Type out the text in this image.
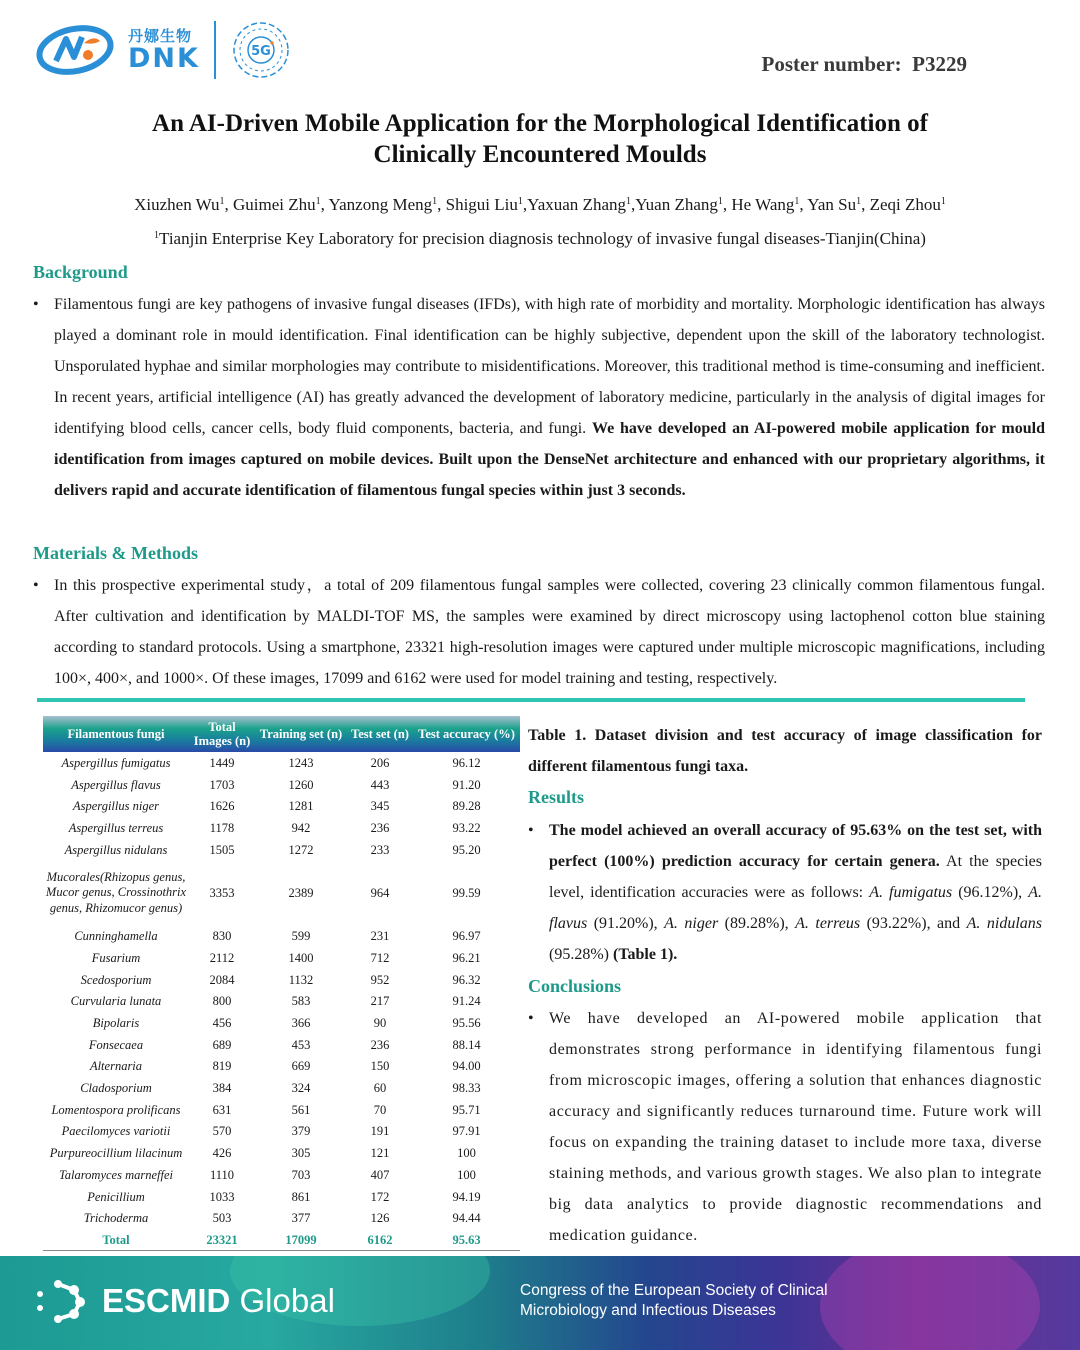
丹娜生物
DNK	5G
Poster number: P3229
An AI-Driven Mobile Application for the Morphological Identification of
Clinically Encountered Moulds
Xiuzhen Wu$^1$, Guimei Zhu$^1$, Yanzong Meng$^1$, Shigui Liu$^1$,Yaxuan Zhang$^1$,Yuan Zhang$^1$, He Wang$^1$, Yan Su$^1$, Zeqi Zhou$^1$
$^1$Tianjin Enterprise Key Laboratory for precision diagnosis technology of invasive fungal diseases-Tianjin(China)
Background
• Filamentous fungi are key pathogens of invasive fungal diseases (IFDs), with high rate of morbidity and mortality. Morphologic identification has always played a dominant role in mould identification. Final identification can be highly subjective, dependent upon the skill of the laboratory technologist. Unsporulated hyphae and similar morphologies may contribute to misidentifications. Moreover, this traditional method is time-consuming and inefficient. In recent years, artificial intelligence (AI) has greatly advanced the development of laboratory medicine, particularly in the analysis of digital images for identifying blood cells, cancer cells, body fluid components, bacteria, and fungi. We have developed an AI-powered mobile application for mould identification from images captured on mobile devices. Built upon the DenseNet architecture and enhanced with our proprietary algorithms, it delivers rapid and accurate identification of filamentous fungal species within just 3 seconds.
Materials & Methods
• In this prospective experimental study，a total of 209 filamentous fungal samples were collected, covering 23 clinically common filamentous fungal. After cultivation and identification by MALDI-TOF MS, the samples were examined by direct microscopy using lactophenol cotton blue staining according to standard protocols. Using a smartphone, 23321 high-resolution images were captured under multiple microscopic magnifications, including 100×, 400×, and 1000×. Of these images, 17099 and 6162 were used for model training and testing, respectively.
Filamentous fungi	Total Images (n)	Training set (n)	Test set (n)	Test accuracy (%)
Aspergillus fumigatus	1449	1243	206	96.12
Aspergillus flavus	1703	1260	443	91.20
Aspergillus niger	1626	1281	345	89.28
Aspergillus terreus	1178	942	236	93.22
Aspergillus nidulans	1505	1272	233	95.20
Mucorales(Rhizopus genus, Mucor genus, Crossinothrix genus, Rhizomucor genus)	3353	2389	964	99.59
Cunninghamella	830	599	231	96.97
Fusarium	2112	1400	712	96.21
Scedosporium	2084	1132	952	96.32
Curvularia lunata	800	583	217	91.24
Bipolaris	456	366	90	95.56
Fonsecaea	689	453	236	88.14
Alternaria	819	669	150	94.00
Cladosporium	384	324	60	98.33
Lomentospora prolificans	631	561	70	95.71
Paecilomyces variotii	570	379	191	97.91
Purpureocillium lilacinum	426	305	121	100
Talaromyces marneffei	1110	703	407	100
Penicillium	1033	861	172	94.19
Trichoderma	503	377	126	94.44
Total	23321	17099	6162	95.63
Table 1. Dataset division and test accuracy of image classification for different filamentous fungi taxa.
Results
• The model achieved an overall accuracy of 95.63% on the test set, with perfect (100%) prediction accuracy for certain genera. At the species level, identification accuracies were as follows: A. fumigatus (96.12%), A. flavus (91.20%), A. niger (89.28%), A. terreus (93.22%), and A. nidulans (95.28%) (Table 1).
Conclusions
• We have developed an AI-powered mobile application that demonstrates strong performance in identifying filamentous fungi from microscopic images, offering a solution that enhances diagnostic accuracy and significantly reduces turnaround time. Future work will focus on expanding the training dataset to include more taxa, diverse staining methods, and various growth stages. We also plan to integrate big data analytics to provide diagnostic recommendations and medication guidance.
ESCMID Global	Congress of the European Society of Clinical
Microbiology and Infectious Diseases
